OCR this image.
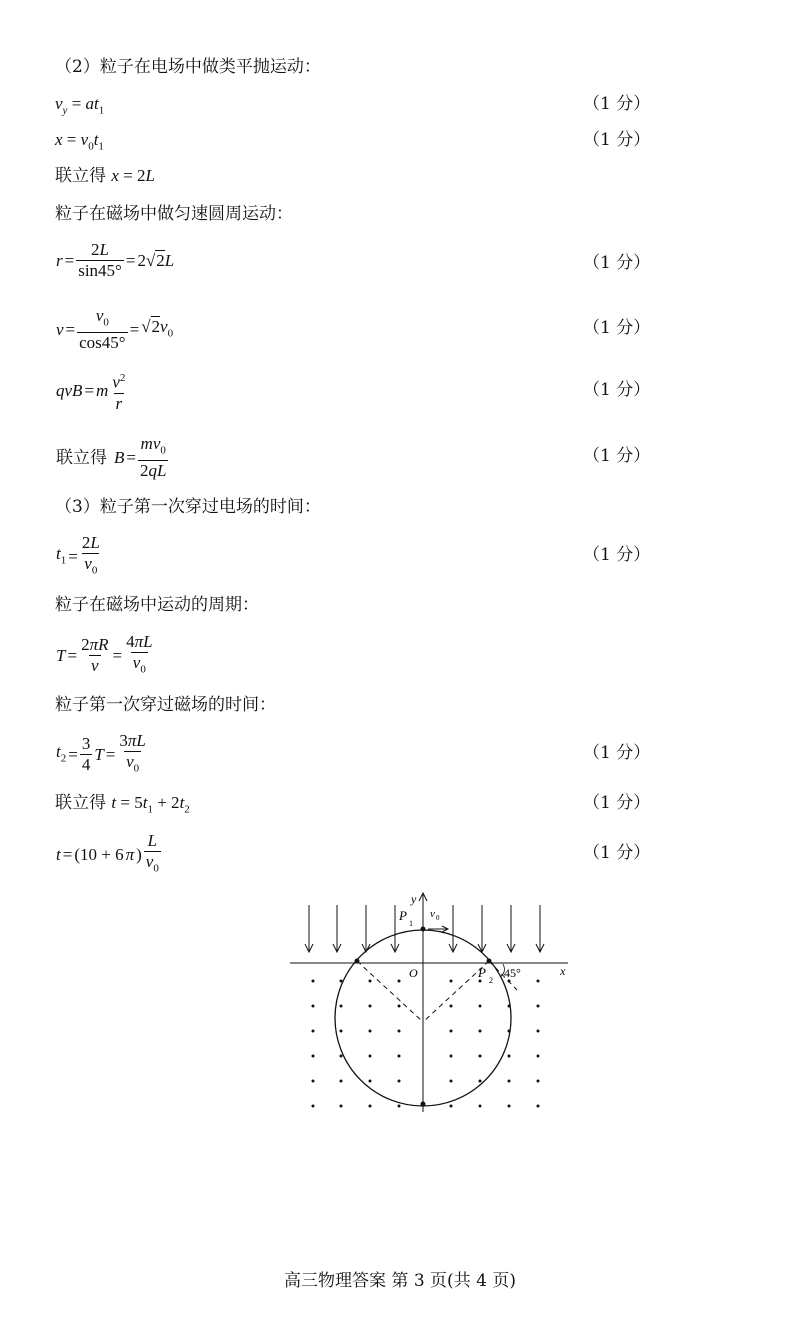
（2）粒子在电场中做类平抛运动：
$v_y = at_1$	（1 分）
$x = v_0t_1$	（1 分）
联立得 x = 2L
粒子在磁场中做匀速圆周运动：
$r = \frac{2L}{\sin 45^\circ} = 2√2L$	（1 分）
$v = \frac{v_0}{\cos 45^\circ} = √2v_0$	（1 分）
qvB = m $\frac{v^2}{r}$	（1 分）
联立得 $B = \frac{mv_0}{2qL}$	（1 分）
（3）粒子第一次穿过电场的时间：
$t_1 = \frac{2L}{v_0}$	（1 分）
粒子在磁场中运动的周期：
$T = \frac{2\pi R}{v} = \frac{4\pi L}{v_0}$
粒子第一次穿过磁场的时间：
$t_2 = \frac{3}{4}$ $T = \frac{3\pi L}{v_0}$	（1 分）
联立得 $t = 5t_1 + 2t_2$	（1 分）
t = (10 + 6 π ) $\frac{L}{v_0}$	（1 分）
y
x
O
P
1
P
2
v 0
45°
高三物理答案 第 3 页(共 4 页)
